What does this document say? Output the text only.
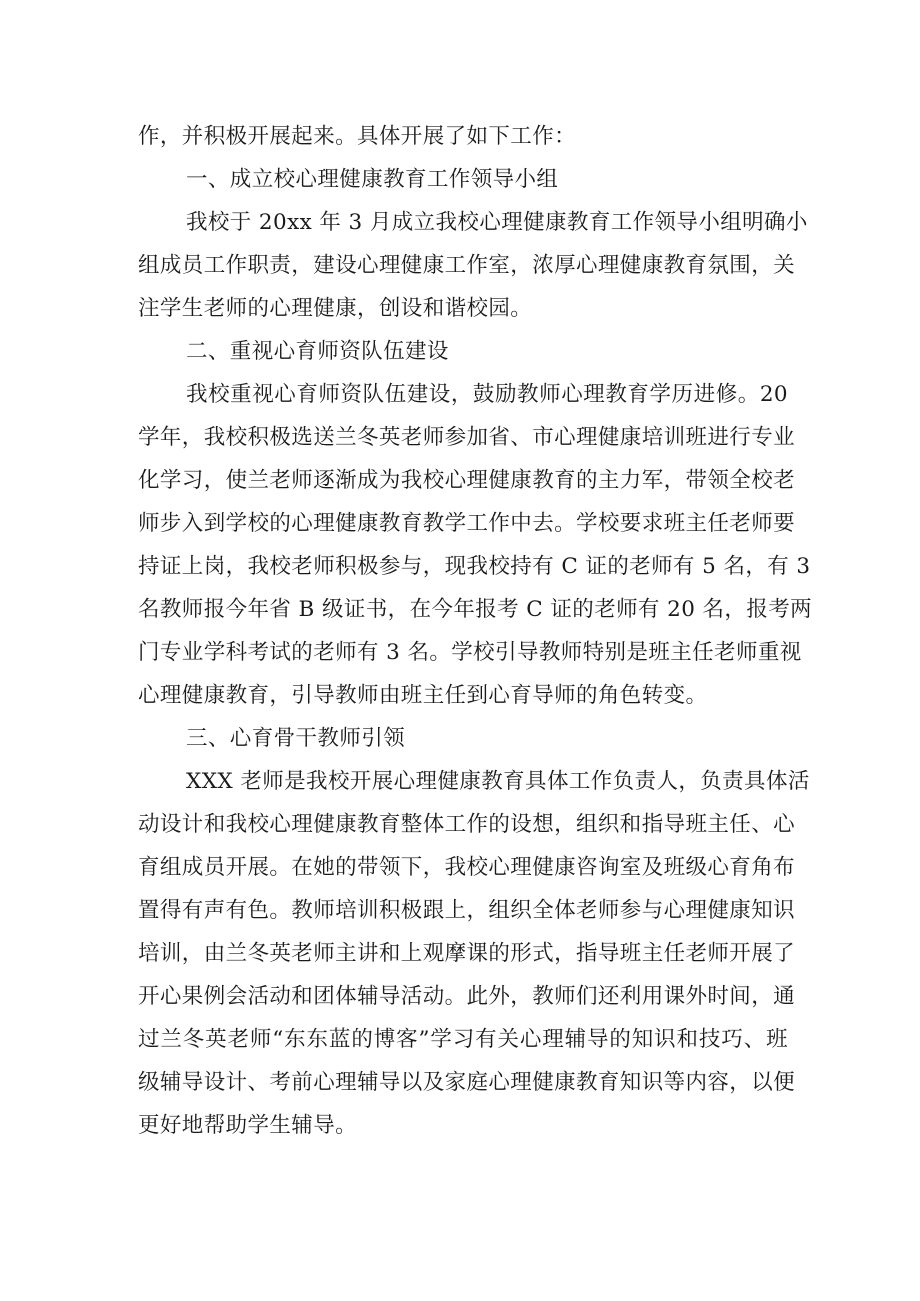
作，并积极开展起来。具体开展了如下工作：
一、成立校心理健康教育工作领导小组
我校于 20xx 年 3 月成立我校心理健康教育工作领导小组明确小
组成员工作职责，建设心理健康工作室，浓厚心理健康教育氛围，关
注学生老师的心理健康，创设和谐校园。
二、重视心育师资队伍建设
我校重视心育师资队伍建设，鼓励教师心理教育学历进修。20
学年，我校积极选送兰冬英老师参加省、市心理健康培训班进行专业
化学习，使兰老师逐渐成为我校心理健康教育的主力军，带领全校老
师步入到学校的心理健康教育教学工作中去。学校要求班主任老师要
持证上岗，我校老师积极参与，现我校持有 C 证的老师有 5 名，有 3
名教师报今年省 B 级证书，在今年报考 C 证的老师有 20 名，报考两
门专业学科考试的老师有 3 名。学校引导教师特别是班主任老师重视
心理健康教育，引导教师由班主任到心育导师的角色转变。
三、心育骨干教师引领
XXX 老师是我校开展心理健康教育具体工作负责人，负责具体活
动设计和我校心理健康教育整体工作的设想，组织和指导班主任、心
育组成员开展。在她的带领下，我校心理健康咨询室及班级心育角布
置得有声有色。教师培训积极跟上，组织全体老师参与心理健康知识
培训，由兰冬英老师主讲和上观摩课的形式，指导班主任老师开展了
开心果例会活动和团体辅导活动。此外，教师们还利用课外时间，通
过兰冬英老师“东东蓝的博客”学习有关心理辅导的知识和技巧、班
级辅导设计、考前心理辅导以及家庭心理健康教育知识等内容，以便
更好地帮助学生辅导。
